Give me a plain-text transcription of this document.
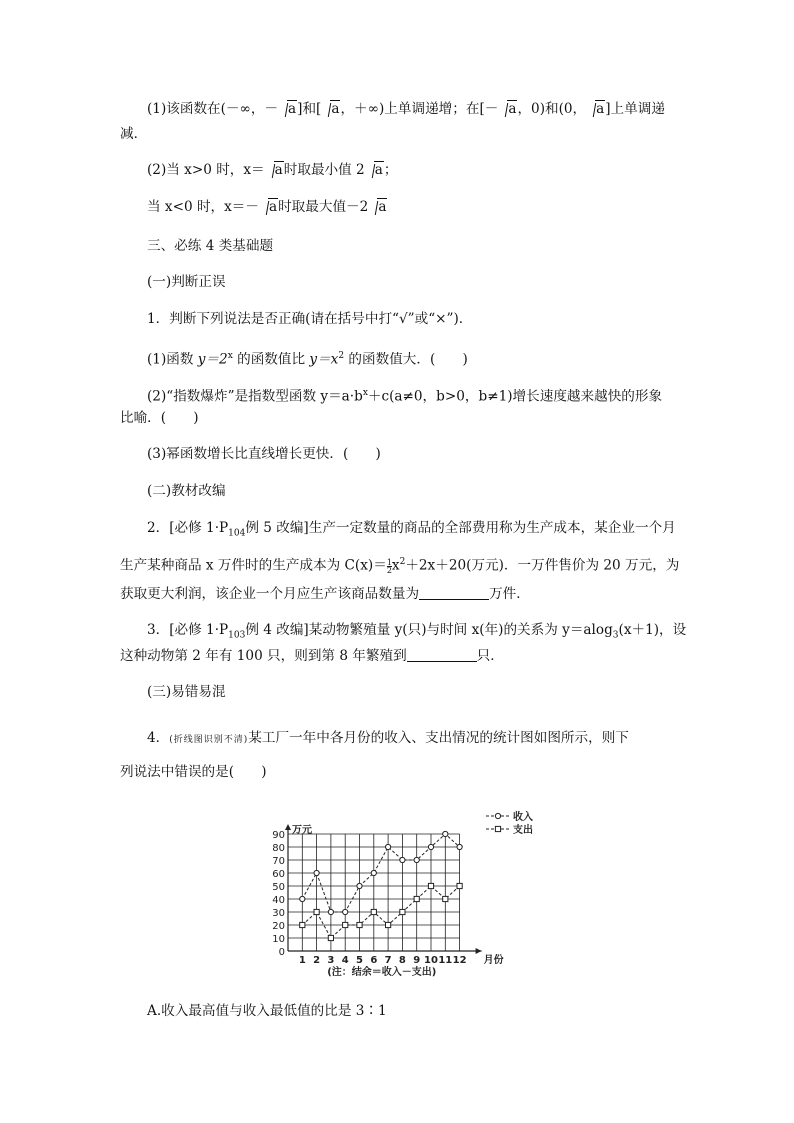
(1)该函数在(－∞，－ a]和[ a，＋∞)上单调递增；在[－ a，0)和(0， a]上单调递
减．
(2)当 x>0 时，x＝ a时取最小值 2 a；
当 x<0 时，x＝－ a时取最大值－2 a
三、必练 4 类基础题
(一)判断正误
1．判断下列说法是否正确(请在括号中打“√”或“×”)．
(1)函数 $y=2^x$ 的函数值比 $y=x^2$ 的函数值大．(　　)
(2)“指数爆炸”是指数型函数 $y=a\cdot b^x+c(a\ne 0$，b>0，b≠1)增长速度越来越快的形象
比喻．(　　)
(3)幂函数增长比直线增长更快．(　　)
(二)教材改编
2．[必修 $1\cdot P_{104}$例 5 改编]生产一定数量的商品的全部费用称为生产成本，某企业一个月
生产某种商品 x 万件时的生产成本为 $C(x)= \frac{1}{2} x^2+2x+20$(万元)．一万件售价为 20 万元，为
获取更大利润，该企业一个月应生产该商品数量为	万件．
3．[必修 $1\cdot P_{103}$例 4 改编]某动物繁殖量 y(只)与时间 x(年)的关系为 y＝alog$_3$(x＋1)，设
这种动物第 2 年有 100 只，则到第 8 年繁殖到	只．
(三)易错易混
4．(折线图识别不清)某工厂一年中各月份的收入、支出情况的统计图如图所示，则下
列说法中错误的是(　　)
0
10
20
30
40
50
60
70
80
90
1 2 3 4 5 6 7 8 9 10 11 12
万元
月份
(注：结余＝收入－支出)
收入
支出
A.收入最高值与收入最低值的比是 3∶1
